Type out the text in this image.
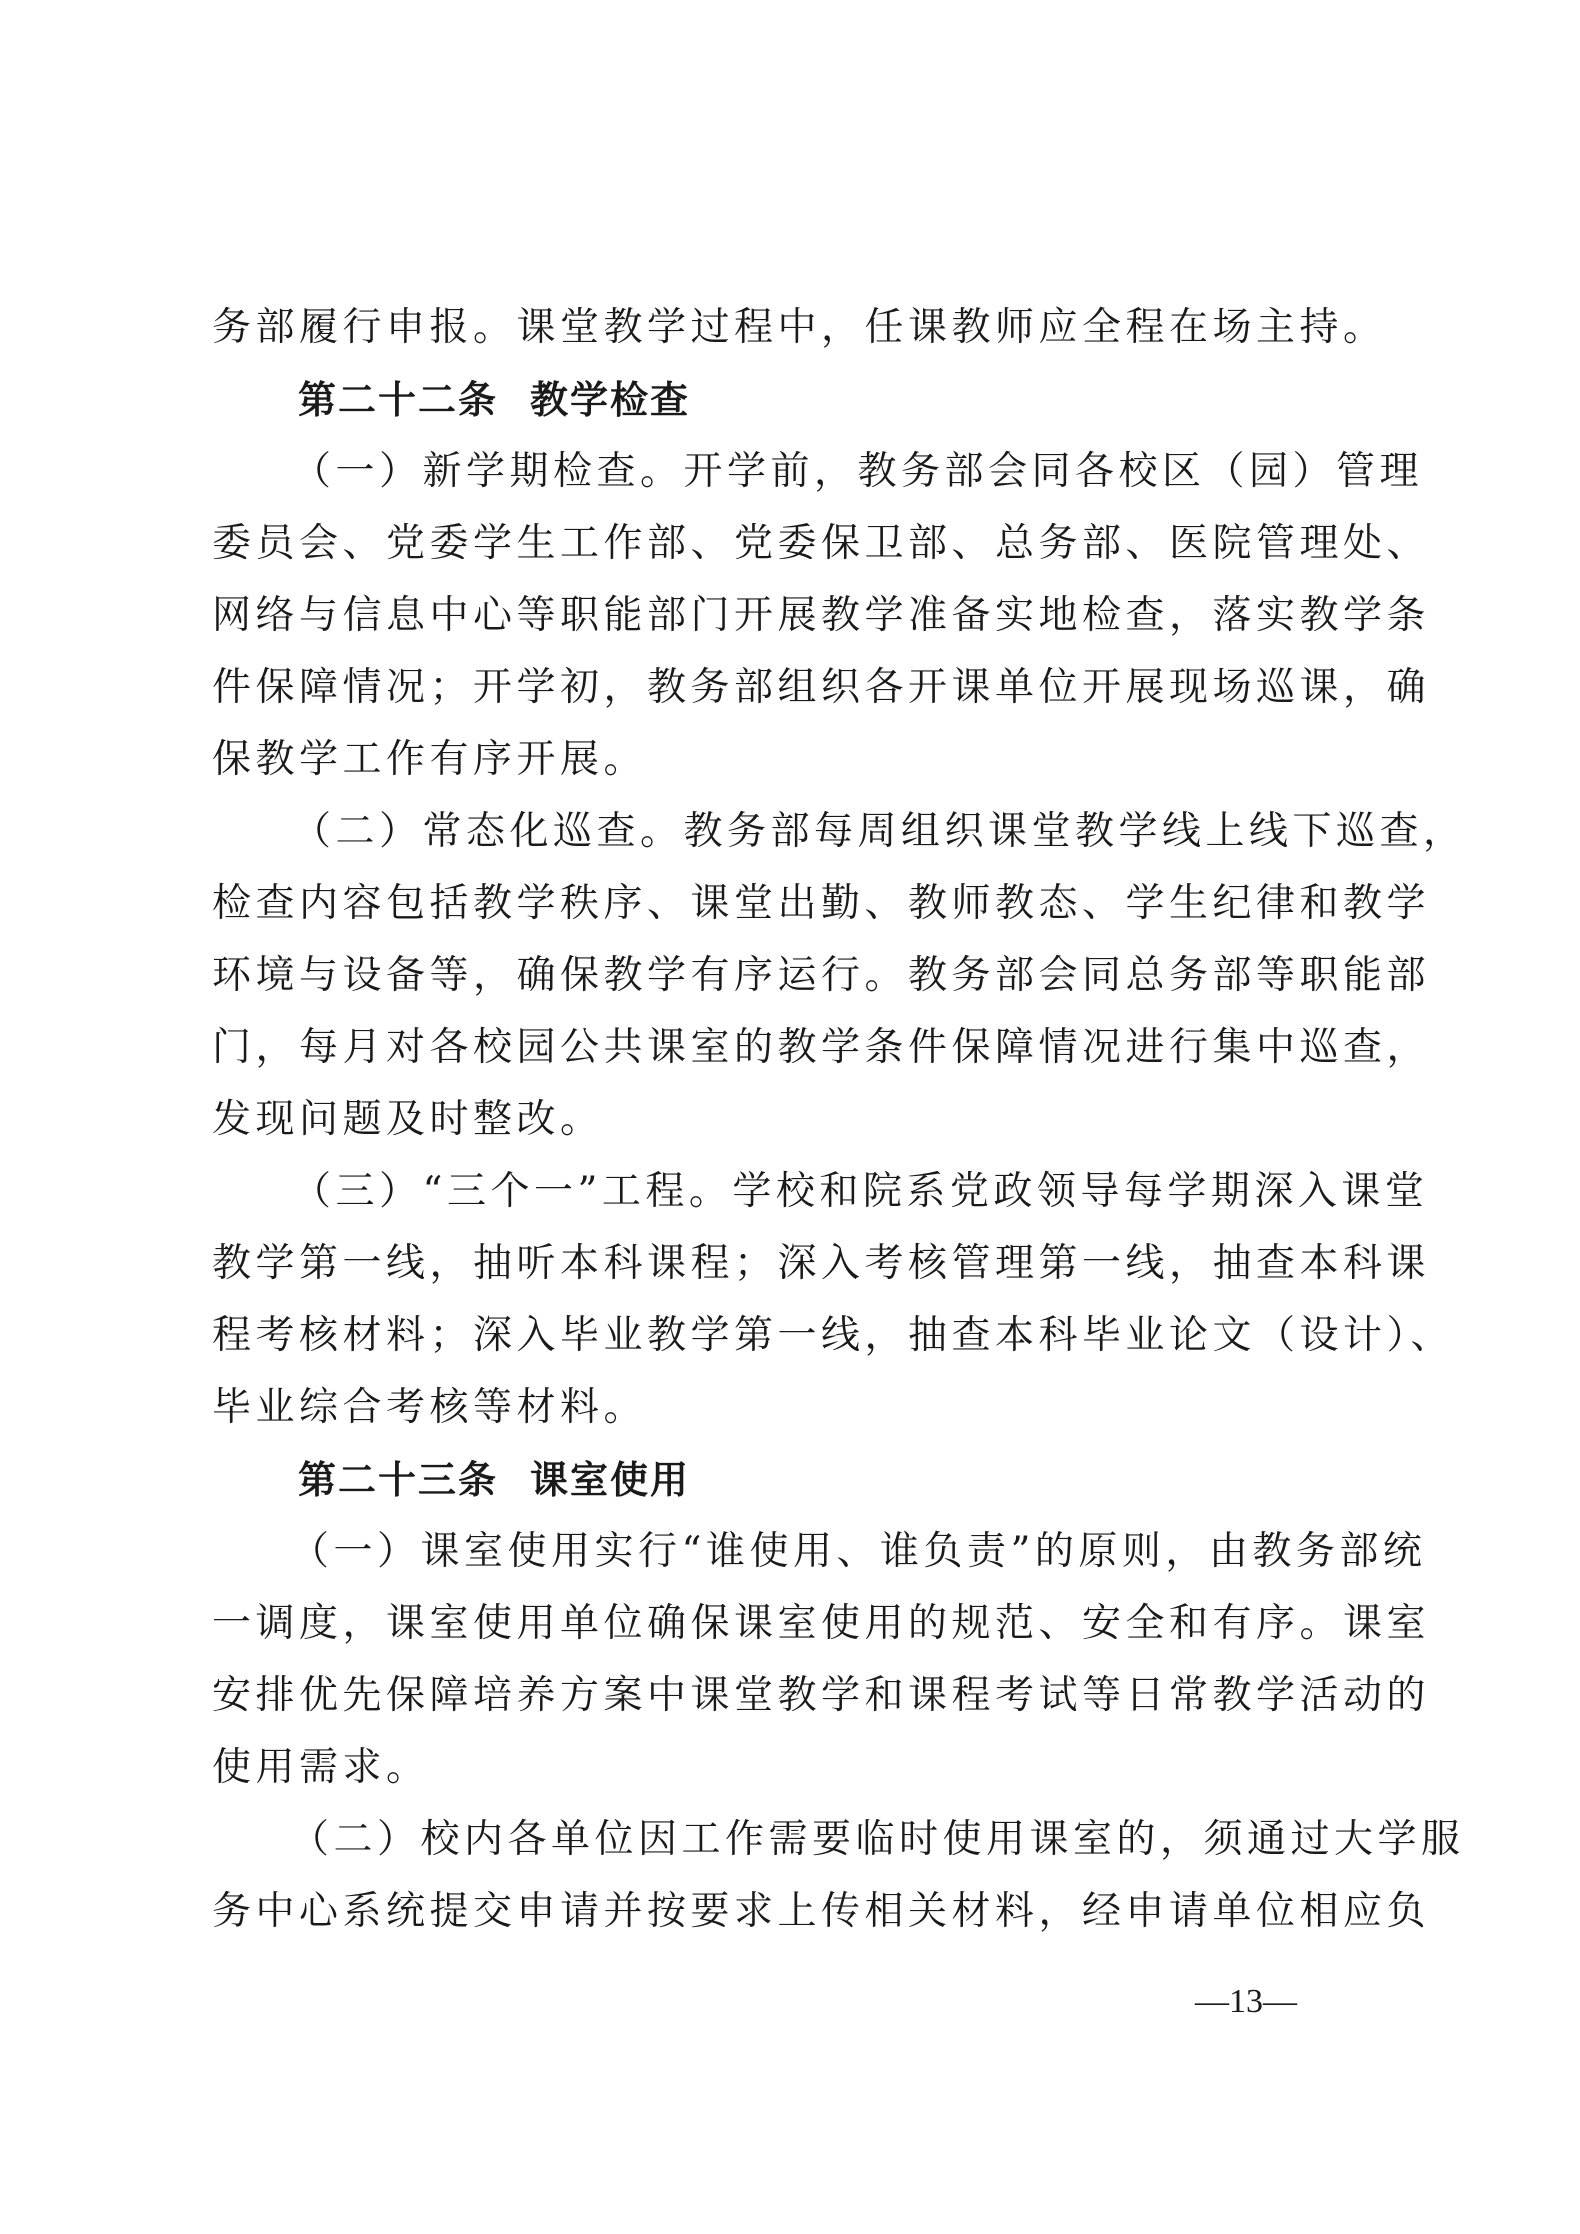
务部履行申报。课堂教学过程中，任课教师应全程在场主持。
第二十二条 教学检查
（一）新学期检查。开学前，教务部会同各校区（园）管理
委员会、党委学生工作部、党委保卫部、总务部、医院管理处、
网络与信息中心等职能部门开展教学准备实地检查，落实教学条
件保障情况；开学初，教务部组织各开课单位开展现场巡课，确
保教学工作有序开展。
（二）常态化巡查。教务部每周组织课堂教学线上线下巡查，
检查内容包括教学秩序、课堂出勤、教师教态、学生纪律和教学
环境与设备等，确保教学有序运行。教务部会同总务部等职能部
门，每月对各校园公共课室的教学条件保障情况进行集中巡查，
发现问题及时整改。
（三）“三个一”工程。学校和院系党政领导每学期深入课堂
教学第一线，抽听本科课程；深入考核管理第一线，抽查本科课
程考核材料；深入毕业教学第一线，抽查本科毕业论文（设计）、
毕业综合考核等材料。
第二十三条 课室使用
（一）课室使用实行“谁使用、谁负责”的原则，由教务部统
一调度，课室使用单位确保课室使用的规范、安全和有序。课室
安排优先保障培养方案中课堂教学和课程考试等日常教学活动的
使用需求。
（二）校内各单位因工作需要临时使用课室的，须通过大学服
务中心系统提交申请并按要求上传相关材料，经申请单位相应负
—13—
